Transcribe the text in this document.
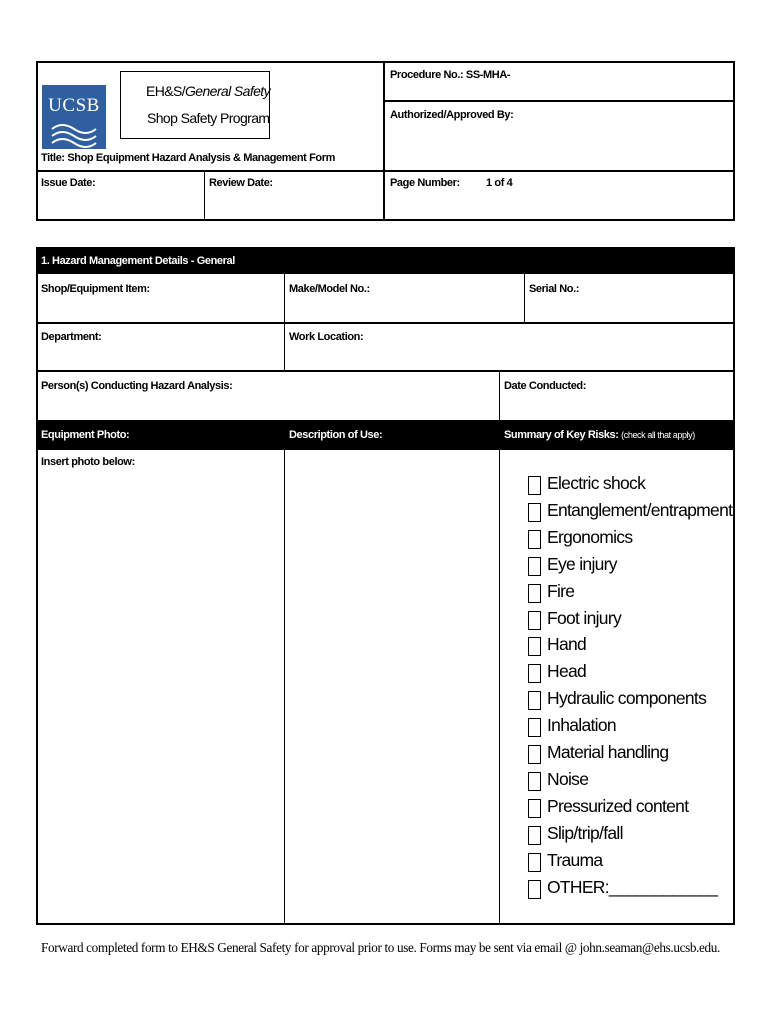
UCSB
EH&S/General Safety
Shop Safety Program
Procedure No.: SS-MHA-
Authorized/Approved By:
Title: Shop Equipment Hazard Analysis & Management Form
Issue Date:	Review Date:	Page Number: 1 of 4
1. Hazard Management Details - General
Shop/Equipment Item:	Make/Model No.:	Serial No.:
Department:	Work Location:
Person(s) Conducting Hazard Analysis:	Date Conducted:
Equipment Photo:	Description of Use:	Summary of Key Risks: (check all that apply)
Insert photo below:
Electric shock
Entanglement/entrapment
Ergonomics
Eye injury
Fire
Foot injury
Hand
Head
Hydraulic components
Inhalation
Material handling
Noise
Pressurized content
Slip/trip/fall
Trauma
OTHER:____________
Forward completed form to EH&S General Safety for approval prior to use. Forms may be sent via email @ john.seaman@ehs.ucsb.edu.
